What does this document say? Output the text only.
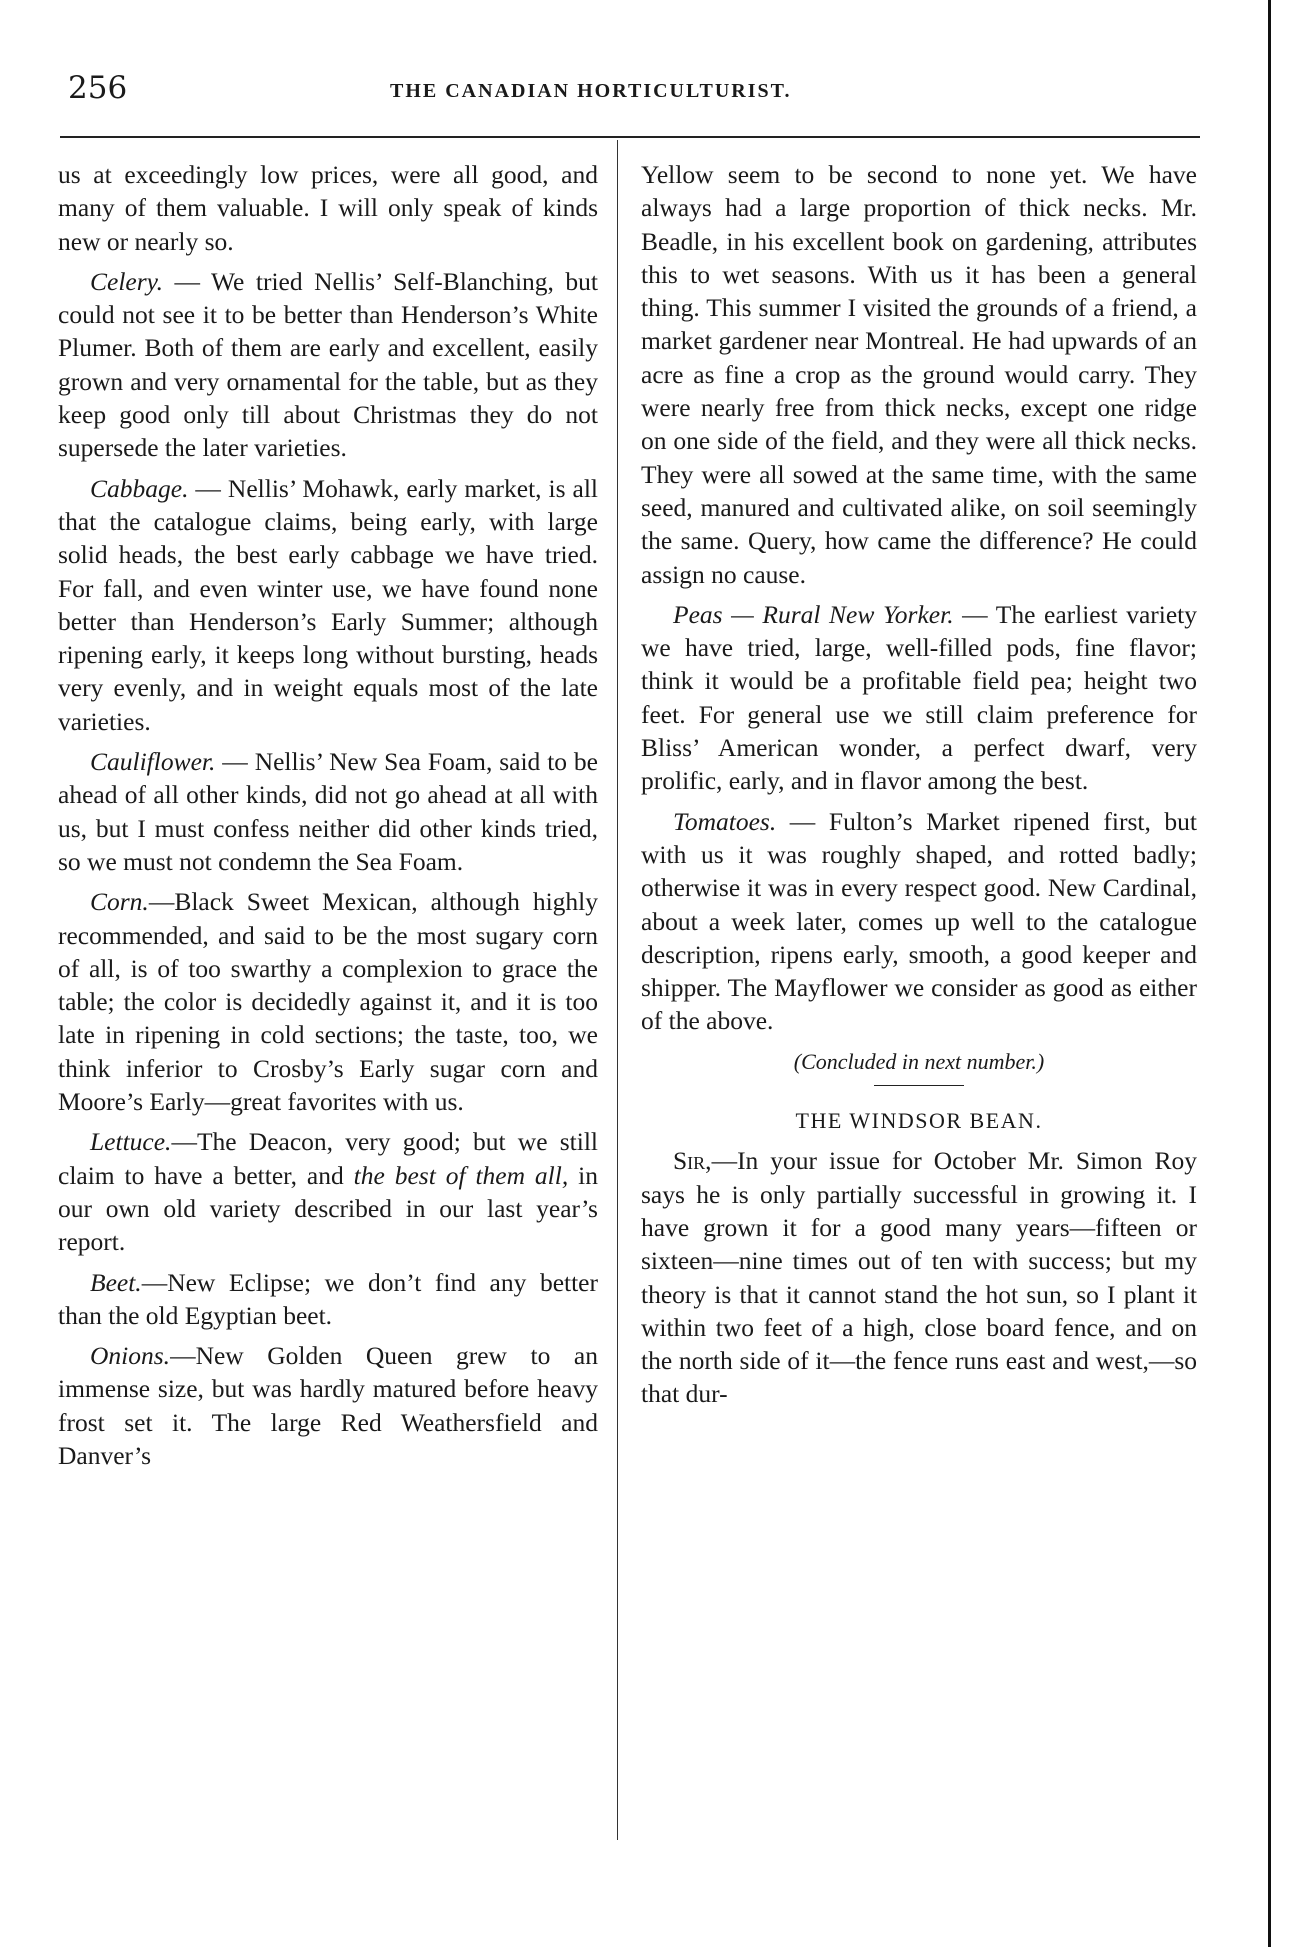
256	THE CANADIAN HORTICULTURIST.

us at exceedingly low prices, were all good, and many of them valuable. I will only speak of kinds new or nearly so.

Celery. — We tried Nellis’ Self-Blanching, but could not see it to be better than Henderson’s White Plumer. Both of them are early and excellent, easily grown and very ornamental for the table, but as they keep good only till about Christmas they do not supersede the later varieties.

Cabbage. — Nellis’ Mohawk, early market, is all that the catalogue claims, being early, with large solid heads, the best early cabbage we have tried. For fall, and even winter use, we have found none better than Henderson’s Early Summer; although ripening early, it keeps long without bursting, heads very evenly, and in weight equals most of the late varieties.

Cauliflower. — Nellis’ New Sea Foam, said to be ahead of all other kinds, did not go ahead at all with us, but I must confess neither did other kinds tried, so we must not condemn the Sea Foam.

Corn.—Black Sweet Mexican, although highly recommended, and said to be the most sugary corn of all, is of too swarthy a complexion to grace the table; the color is decidedly against it, and it is too late in ripening in cold sections; the taste, too, we think inferior to Crosby’s Early sugar corn and Moore’s Early—great favorites with us.

Lettuce.—The Deacon, very good; but we still claim to have a better, and the best of them all, in our own old variety described in our last year’s report.

Beet.—New Eclipse; we don’t find any better than the old Egyptian beet.

Onions.—New Golden Queen grew to an immense size, but was hardly matured before heavy frost set it. The large Red Weathersfield and Danver’s

Yellow seem to be second to none yet. We have always had a large proportion of thick necks. Mr. Beadle, in his excellent book on gardening, attributes this to wet seasons. With us it has been a general thing. This summer I visited the grounds of a friend, a market gardener near Montreal. He had upwards of an acre as fine a crop as the ground would carry. They were nearly free from thick necks, except one ridge on one side of the field, and they were all thick necks. They were all sowed at the same time, with the same seed, manured and cultivated alike, on soil seemingly the same. Query, how came the difference? He could assign no cause.

Peas — Rural New Yorker. — The earliest variety we have tried, large, well-filled pods, fine flavor; think it would be a profitable field pea; height two feet. For general use we still claim preference for Bliss’ American wonder, a perfect dwarf, very prolific, early, and in flavor among the best.

Tomatoes. — Fulton’s Market ripened first, but with us it was roughly shaped, and rotted badly; otherwise it was in every respect good. New Cardinal, about a week later, comes up well to the catalogue description, ripens early, smooth, a good keeper and shipper. The Mayflower we consider as good as either of the above.

(Concluded in next number.)

THE WINDSOR BEAN.

Sir,—In your issue for October Mr. Simon Roy says he is only partially successful in growing it. I have grown it for a good many years—fifteen or sixteen—nine times out of ten with success; but my theory is that it cannot stand the hot sun, so I plant it within two feet of a high, close board fence, and on the north side of it—the fence runs east and west,—so that dur-
